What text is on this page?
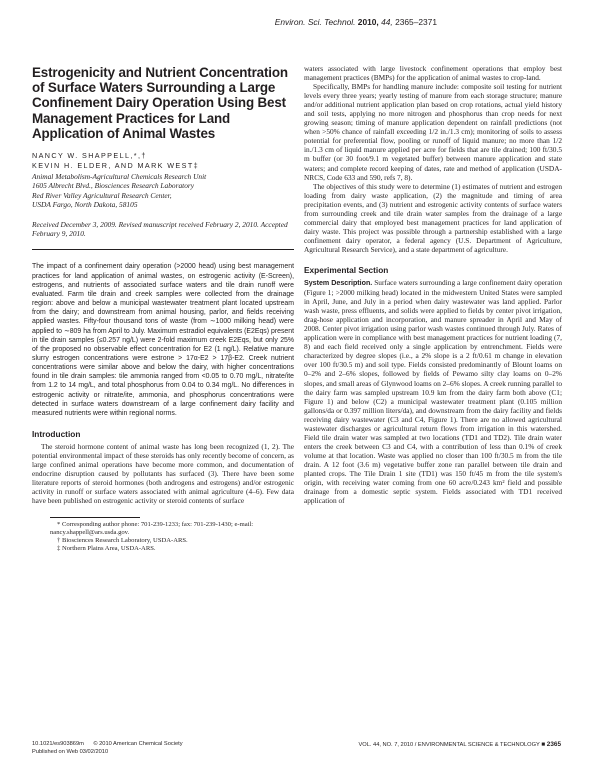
Environ. Sci. Technol. 2010, 44, 2365–2371
Estrogenicity and Nutrient Concentration of Surface Waters Surrounding a Large Confinement Dairy Operation Using Best Management Practices for Land Application of Animal Wastes
NANCY W. SHAPPELL,*,†
KEVIN H. ELDER, AND MARK WEST‡
Animal Metabolism-Agricultural Chemicals Research Unit
1605 Albrecht Blvd., Biosciences Research Laboratory
Red River Valley Agricultural Research Center,
USDA Fargo, North Dakota, 58105
Received December 3, 2009. Revised manuscript received February 2, 2010. Accepted February 9, 2010.
The impact of a confinement dairy operation (>2000 head) using best management practices for land application of animal wastes, on estrogenic activity (E-Screen), estrogens, and nutrients of associated surface waters and tile drain runoff were evaluated. Farm tile drain and creek samples were collected from the drainage region: above and below a municipal wastewater treatment plant located upstream from the dairy; and downstream from animal housing, parlor, and fields receiving applied wastes. Fifty-four thousand tons of waste (from ∼1000 milking head) were applied to ∼809 ha from April to July. Maximum estradiol equivalents (E2Eqs) present in tile drain samples (≤0.257 ng/L) were 2-fold maximum creek E2Eqs, but only 25% of the proposed no observable effect concentration for E2 (1 ng/L). Relative manure slurry estrogen concentrations were estrone > 17α-E2 > 17β-E2. Creek nutrient concentrations were similar above and below the dairy, with higher concentrations found in tile drain samples: tile ammonia ranged from <0.05 to 0.70 mg/L, nitrate/ite from 1.2 to 14 mg/L, and total phosphorus from 0.04 to 0.34 mg/L. No differences in estrogenic activity or nitrate/ite, ammonia, and phosphorus concentrations were detected in surface waters downstream of a large confinement dairy facility and measured nutrients were within regional norms.
Introduction

The steroid hormone content of animal waste has long been recognized (1, 2). The potential environmental impact of these steroids has only recently become of concern, as large confined animal operations have become more common, and documentation of endocrine disruption caused by pollutants has surfaced (3). There have been some literature reports of steroid hormones (both androgens and estrogens) and/or estrogenic activity in runoff or surface waters associated with animal agriculture (4–6). Few data have been published on estrogenic activity or steroid contents of surface

* Corresponding author phone: 701-239-1233; fax: 701-239-1430; e-mail: nancy.shappell@ars.usda.gov.
† Biosciences Research Laboratory, USDA-ARS.
‡ Northern Plains Area, USDA-ARS.

waters associated with large livestock confinement operations that employ best management practices (BMPs) for the application of animal wastes to crop-land.

Specifically, BMPs for handling manure include: composite soil testing for nutrient levels every three years; yearly testing of manure from each storage structure; manure and/or additional nutrient application plan based on crop rotations, actual yield history and soil tests, applying no more nitrogen and phosphorus than crop needs for next growing season; timing of manure application dependent on rainfall predictions (not when >50% chance of rainfall exceeding 1/2 in./1.3 cm); monitoring of soils to assess potential for preferential flow, pooling or runoff of liquid manure; no more than 1/2 in./1.3 cm of liquid manure applied per acre for fields that are tile drained; 100 ft/30.5 m buffer (or 30 foot/9.1 m vegetated buffer) between manure application and state waters; and complete record keeping of dates, rate and method of application (USDA-NRCS, Code 633 and 590, refs 7, 8).

The objectives of this study were to determine (1) estimates of nutrient and estrogen loading from dairy waste application, (2) the magnitude and timing of area precipitation events, and (3) nutrient and estrogenic activity contents of surface waters from surrounding creek and tile drain water samples from the drainage of a large commercial dairy that employed best management practices for land application of dairy waste. This project was possible through a partnership established with a large confinement dairy operator, a federal agency (U.S. Department of Agriculture, Agricultural Research Service), and a state department of agriculture.

Experimental Section

System Description. Surface waters surrounding a large confinement dairy operation (Figure 1; >2000 milking head) located in the midwestern United States were sampled in April, June, and July in a period when dairy wastewater was land applied. Parlor wash waste, press effluents, and solids were applied to fields by center pivot irrigation, drag-hose application and incorporation, and manure spreader in April and May of 2008. Center pivot irrigation using parlor wash wastes continued through July. Rates of application were in compliance with best management practices for nutrient loading (7, 8) and each field received only a single application by entrenchment. Fields were characterized by degree slopes (i.e., a 2% slope is a 2 ft/0.61 m change in elevation over 100 ft/30.5 m) and soil type. Fields consisted predominantly of Blount loams on 0–2% and 2–6% slopes, followed by fields of Pewamo silty clay loams on 0–2% slopes, and small areas of Glynwood loams on 2–6% slopes. A creek running parallel to the dairy farm was sampled upstream 10.9 km from the dairy farm both above (C1; Figure 1) and below (C2) a municipal wastewater treatment plant (0.105 million gallons/da or 0.397 million liters/da), and downstream from the dairy facility and fields receiving dairy wastewater (C3 and C4, Figure 1). There are no allowed agricultural wastewater discharges or agricultural return flows from irrigation in this watershed. Field tile drain water was sampled at two locations (TD1 and TD2). Tile drain water enters the creek between C3 and C4, with a contribution of less than 0.1% of creek volume at that location. Waste was applied no closer than 100 ft/30.5 m from the tile drain. A 12 foot (3.6 m) vegetative buffer zone ran parallel between tile drain and planted crops. The Tile Drain 1 site (TD1) was 150 ft/45 m from the tile system's origin, with receiving water coming from one 60 acre/0.243 km² field and possible drainage from a domestic septic system. Fields associated with TD1 received application of

10.1021/es903869m © 2010 American Chemical Society
Published on Web 03/02/2010
VOL. 44, NO. 7, 2010 / ENVIRONMENTAL SCIENCE & TECHNOLOGY ■ 2365
